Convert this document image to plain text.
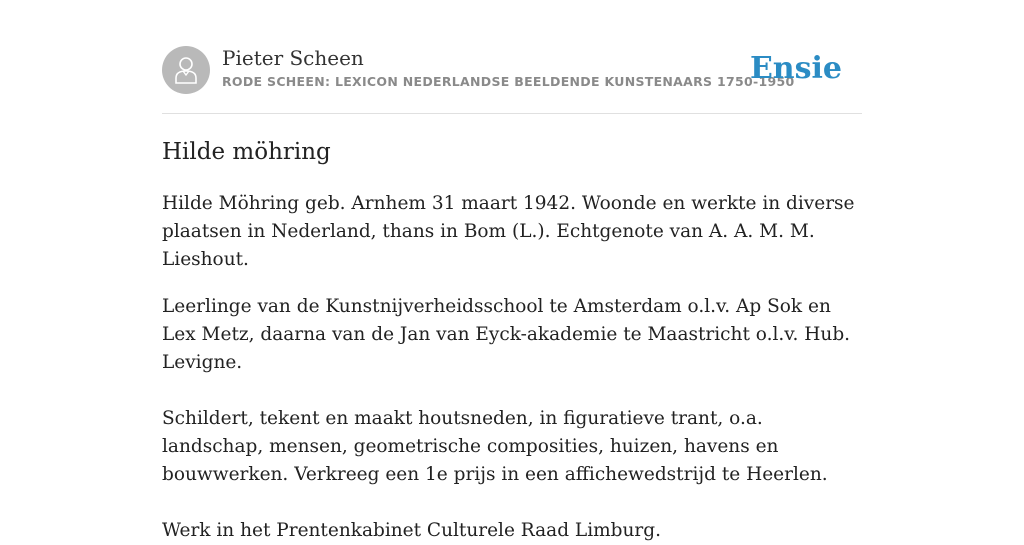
Pieter Scheen
RODE SCHEEN: LEXICON NEDERLANDSE BEELDENDE KUNSTENAARS 1750-1950
Ensie
Hilde möhring

Hilde Möhring geb. Arnhem 31 maart 1942. Woonde en werkte in diverse plaatsen in Nederland, thans in Bom (L.). Echtgenote van A. A. M. M. Lieshout.

Leerlinge van de Kunstnijverheidsschool te Amsterdam o.l.v. Ap Sok en Lex Metz, daarna van de Jan van Eyck-akademie te Maastricht o.l.v. Hub. Levigne.

Schildert, tekent en maakt houtsneden, in figuratieve trant, o.a. landschap, mensen, geometrische composities, huizen, havens en bouwwerken. Verkreeg een 1e prijs in een affichewedstrijd te Heerlen.

Werk in het Prentenkabinet Culturele Raad Limburg.
